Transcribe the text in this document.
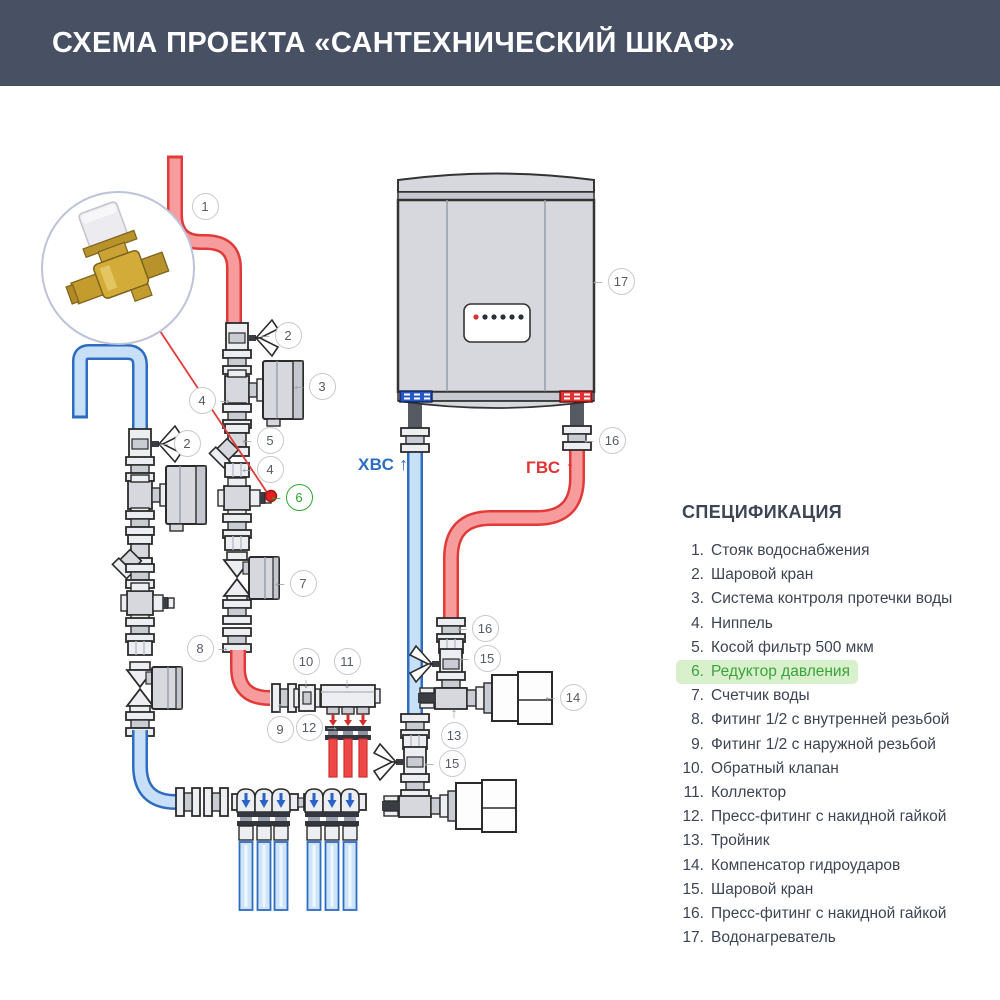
СХЕМА ПРОЕКТА «САНТЕХНИЧЕСКИЙ ШКАФ»
ХВС ↑	ГВС ↑
1
2
←
3
←
4 →
5
←
4
←
6
←
2
←
7
←
8 →
9
↑
10
↓
11
↓
12 →
13
↑
14
←
15
←
16
←
15
←
16
←
17
←
СПЕЦИФИКАЦИЯ
1. Стояк водоснабжения
2. Шаровой кран
3. Система контроля протечки воды
4. Ниппель
5. Косой фильтр 500 мкм
6. Редуктор давления
7. Счетчик воды
8. Фитинг 1/2 с внутренней резьбой
9. Фитинг 1/2 с наружной резьбой
10. Обратный клапан
11. Коллектор
12. Пресс-фитинг с накидной гайкой
13. Тройник
14. Компенсатор гидроударов
15. Шаровой кран
16. Пресс-фитинг с накидной гайкой
17. Водонагреватель
